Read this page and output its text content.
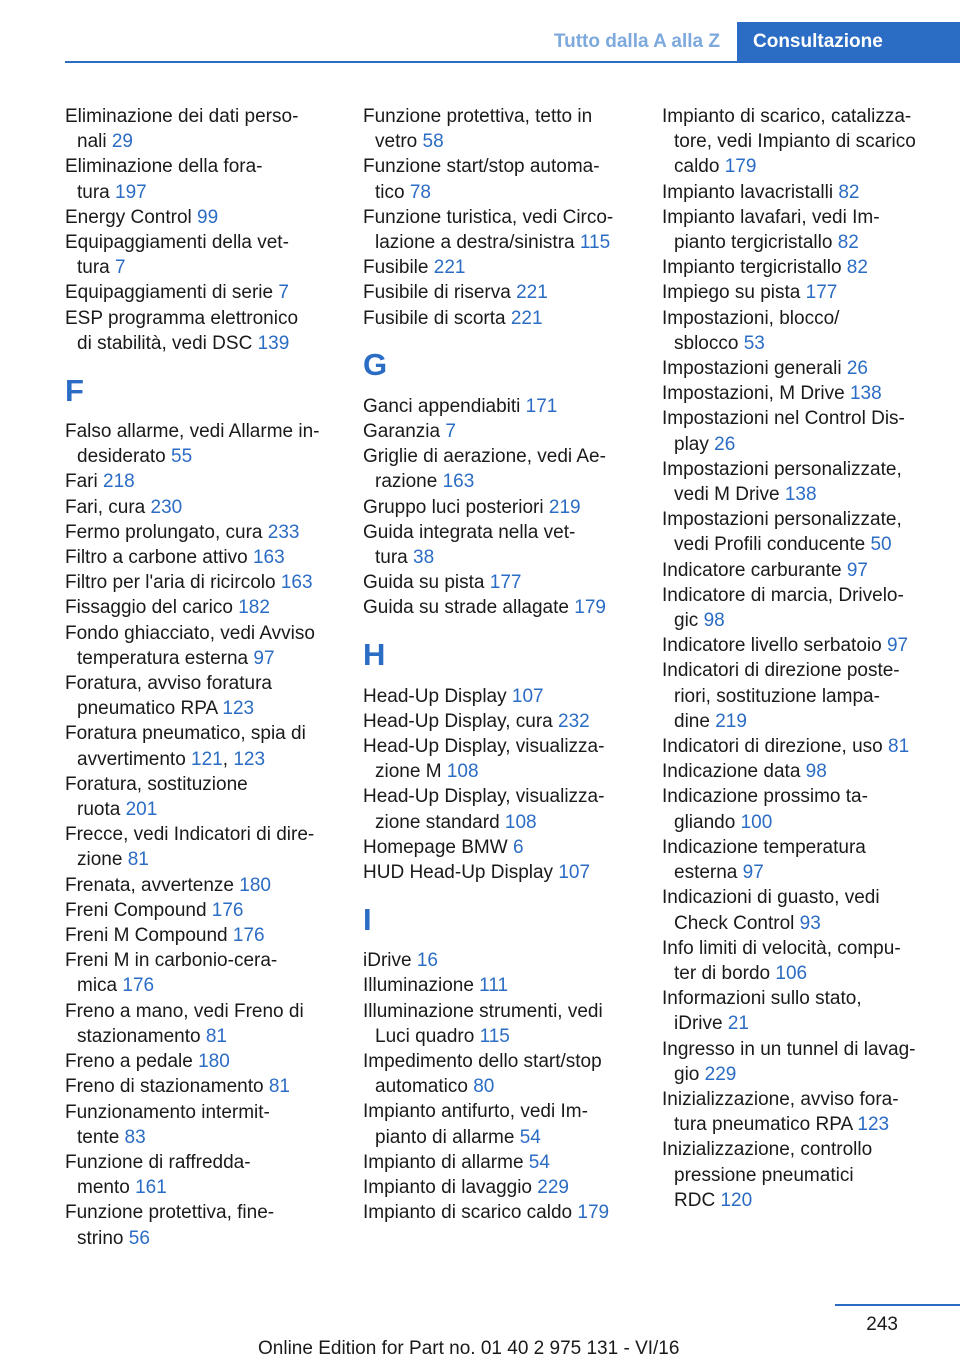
Tutto dalla A alla Z	Consultazione
Eliminazione dei dati perso-
nali 29
Eliminazione della fora-
tura 197
Energy Control 99
Equipaggiamenti della vet-
tura 7
Equipaggiamenti di serie 7
ESP programma elettronico
di stabilità, vedi DSC 139
F
Falso allarme, vedi Allarme in-
desiderato 55
Fari 218
Fari, cura 230
Fermo prolungato, cura 233
Filtro a carbone attivo 163
Filtro per l'aria di ricircolo 163
Fissaggio del carico 182
Fondo ghiacciato, vedi Avviso
temperatura esterna 97
Foratura, avviso foratura
pneumatico RPA 123
Foratura pneumatico, spia di
avvertimento 121, 123
Foratura, sostituzione
ruota 201
Frecce, vedi Indicatori di dire-
zione 81
Frenata, avvertenze 180
Freni Compound 176
Freni M Compound 176
Freni M in carbonio-cera-
mica 176
Freno a mano, vedi Freno di
stazionamento 81
Freno a pedale 180
Freno di stazionamento 81
Funzionamento intermit-
tente 83
Funzione di raffredda-
mento 161
Funzione protettiva, fine-
strino 56
Funzione protettiva, tetto in
vetro 58
Funzione start/stop automa-
tico 78
Funzione turistica, vedi Circo-
lazione a destra/sinistra 115
Fusibile 221
Fusibile di riserva 221
Fusibile di scorta 221
G
Ganci appendiabiti 171
Garanzia 7
Griglie di aerazione, vedi Ae-
razione 163
Gruppo luci posteriori 219
Guida integrata nella vet-
tura 38
Guida su pista 177
Guida su strade allagate 179
H
Head-Up Display 107
Head-Up Display, cura 232
Head-Up Display, visualizza-
zione M 108
Head-Up Display, visualizza-
zione standard 108
Homepage BMW 6
HUD Head-Up Display 107
I
iDrive 16
Illuminazione 111
Illuminazione strumenti, vedi
Luci quadro 115
Impedimento dello start/stop
automatico 80
Impianto antifurto, vedi Im-
pianto di allarme 54
Impianto di allarme 54
Impianto di lavaggio 229
Impianto di scarico caldo 179
Impianto di scarico, catalizza-
tore, vedi Impianto di scarico
caldo 179
Impianto lavacristalli 82
Impianto lavafari, vedi Im-
pianto tergicristallo 82
Impianto tergicristallo 82
Impiego su pista 177
Impostazioni, blocco/
sblocco 53
Impostazioni generali 26
Impostazioni, M Drive 138
Impostazioni nel Control Dis-
play 26
Impostazioni personalizzate,
vedi M Drive 138
Impostazioni personalizzate,
vedi Profili conducente 50
Indicatore carburante 97
Indicatore di marcia, Drivelo-
gic 98
Indicatore livello serbatoio 97
Indicatori di direzione poste-
riori, sostituzione lampa-
dine 219
Indicatori di direzione, uso 81
Indicazione data 98
Indicazione prossimo ta-
gliando 100
Indicazione temperatura
esterna 97
Indicazioni di guasto, vedi
Check Control 93
Info limiti di velocità, compu-
ter di bordo 106
Informazioni sullo stato,
iDrive 21
Ingresso in un tunnel di lavag-
gio 229
Inizializzazione, avviso fora-
tura pneumatico RPA 123
Inizializzazione, controllo
pressione pneumatici
RDC 120
243
Online Edition for Part no. 01 40 2 975 131 - VI/16
